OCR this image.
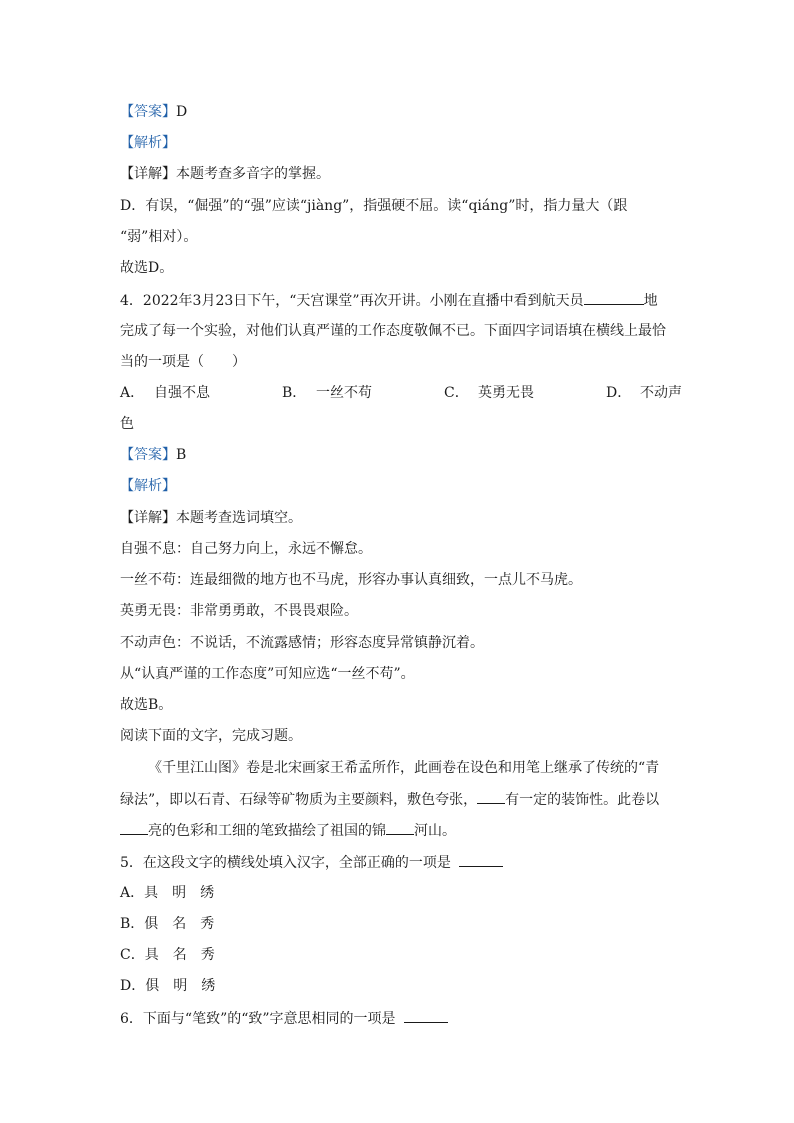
【答案】D
【解析】
【详解】本题考查多音字的掌握。
D．有误，“倔强”的“强”应读“jiàng”，指强硬不屈。读“qiáng”时，指力量大（跟
“弱”相对）。
故选D。
4．2022年3月23日下午，“天宫课堂”再次开讲。小刚在直播中看到航天员	地
完成了每一个实验，对他们认真严谨的工作态度敬佩不已。下面四字词语填在横线上最恰
当的一项是（　　）
A． 自强不息	B． 一丝不苟	C． 英勇无畏	D． 不动声
色
【答案】B
【解析】
【详解】本题考查选词填空。
自强不息：自己努力向上，永远不懈怠。
一丝不苟：连最细微的地方也不马虎，形容办事认真细致，一点儿不马虎。
英勇无畏：非常勇勇敢，不畏畏艰险。
不动声色：不说话，不流露感情；形容态度异常镇静沉着。
从“认真严谨的工作态度”可知应选“一丝不苟”。
故选B。
阅读下面的文字，完成习题。
《千里江山图》卷是北宋画家王希孟所作，此画卷在设色和用笔上继承了传统的“青
绿法”，即以石青、石绿等矿物质为主要颜料，敷色夸张， 有一定的装饰性。此卷以
亮的色彩和工细的笔致描绘了祖国的锦 河山。
5．在这段文字的横线处填入汉字，全部正确的一项是
A．具　明　绣
B．俱　名　秀
C．具　名　秀
D．俱　明　绣
6．下面与“笔致”的“致”字意思相同的一项是
